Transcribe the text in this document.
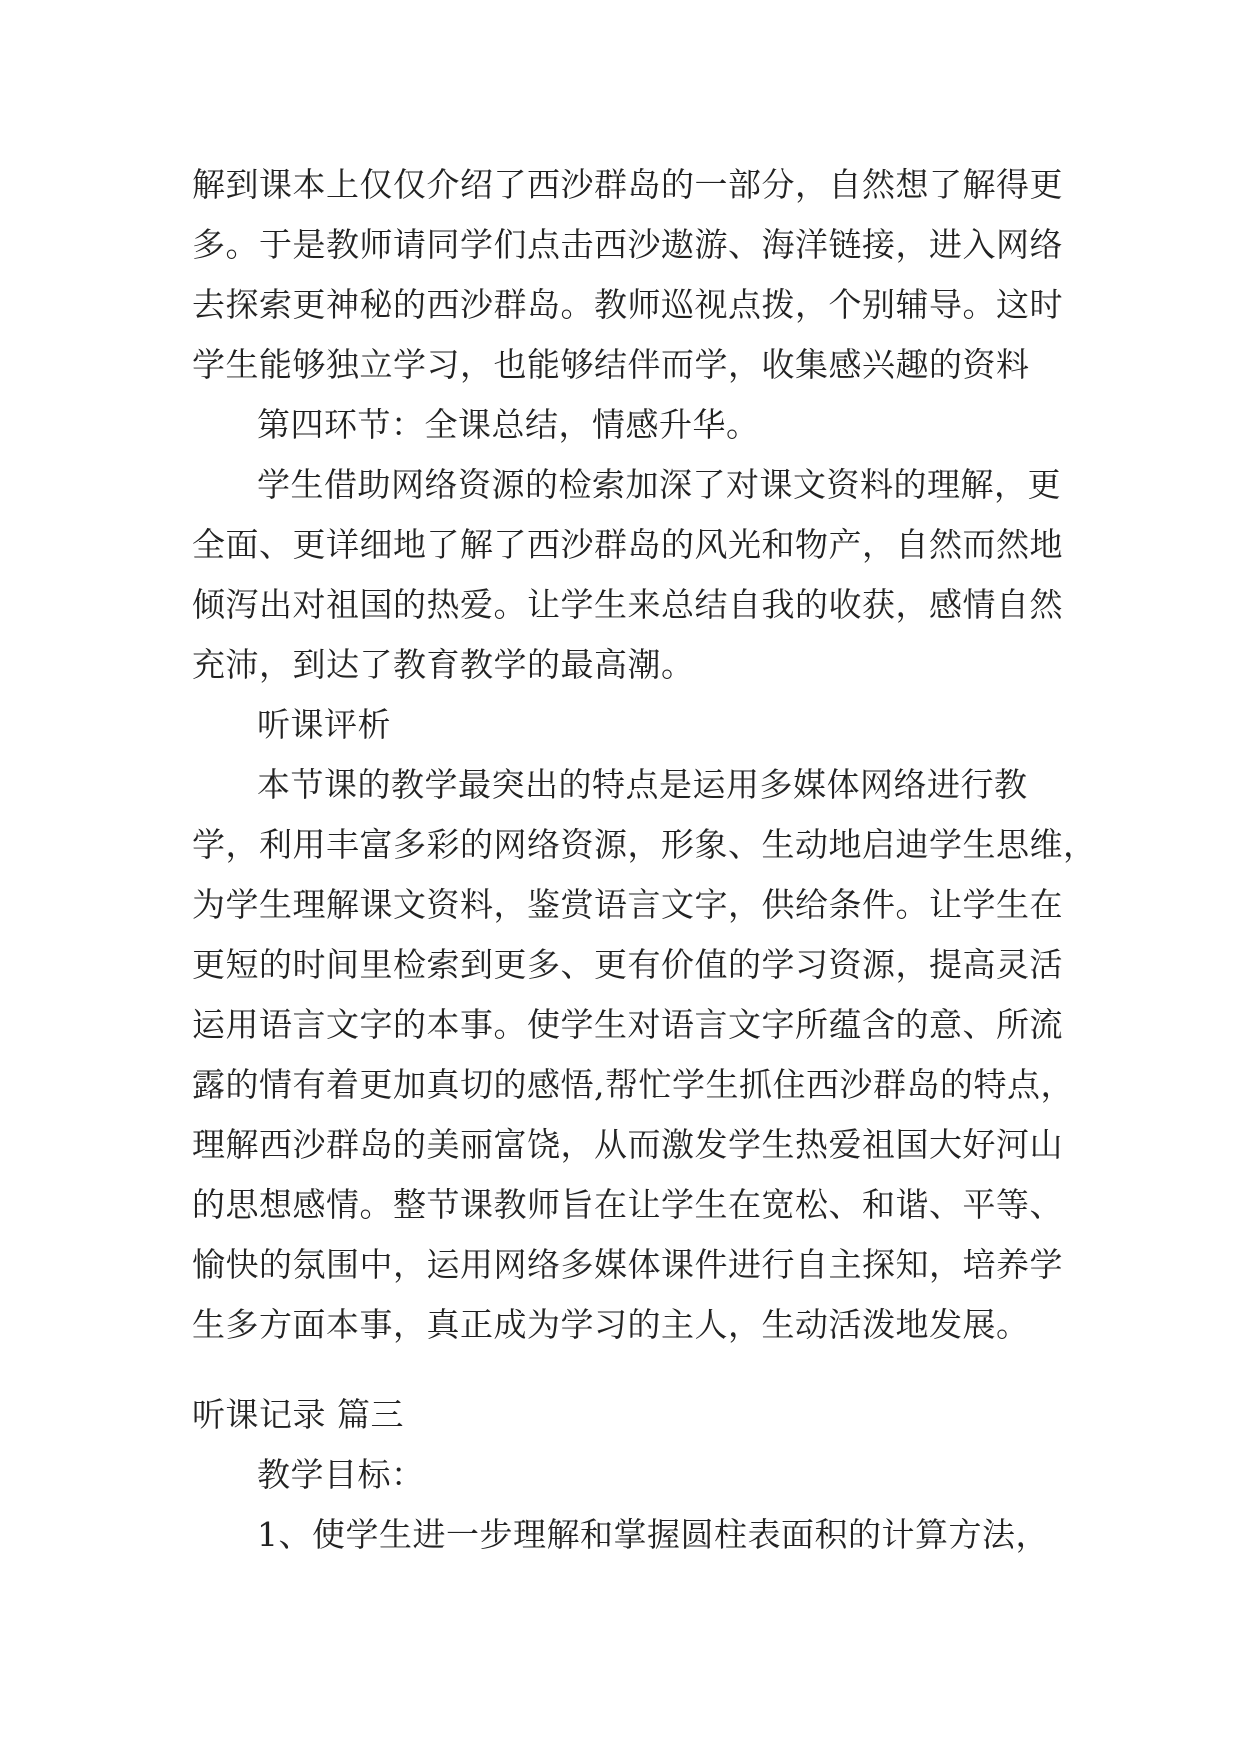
解到课本上仅仅介绍了西沙群岛的一部分，自然想了解得更
多。于是教师请同学们点击西沙遨游、海洋链接，进入网络
去探索更神秘的西沙群岛。教师巡视点拨，个别辅导。这时
学生能够独立学习，也能够结伴而学，收集感兴趣的资料
第四环节：全课总结，情感升华。
学生借助网络资源的检索加深了对课文资料的理解，更
全面、更详细地了解了西沙群岛的风光和物产，自然而然地
倾泻出对祖国的热爱。让学生来总结自我的收获，感情自然
充沛，到达了教育教学的最高潮。
听课评析
本节课的教学最突出的特点是运用多媒体网络进行教
学，利用丰富多彩的网络资源，形象、生动地启迪学生思维，
为学生理解课文资料，鉴赏语言文字，供给条件。让学生在
更短的时间里检索到更多、更有价值的学习资源，提高灵活
运用语言文字的本事。使学生对语言文字所蕴含的意、所流
露的情有着更加真切的感悟,帮忙学生抓住西沙群岛的特点，
理解西沙群岛的美丽富饶，从而激发学生热爱祖国大好河山
的思想感情。整节课教师旨在让学生在宽松、和谐、平等、
愉快的氛围中，运用网络多媒体课件进行自主探知，培养学
生多方面本事，真正成为学习的主人，生动活泼地发展。
听课记录 篇三
教学目标：
1、使学生进一步理解和掌握圆柱表面积的计算方法，
